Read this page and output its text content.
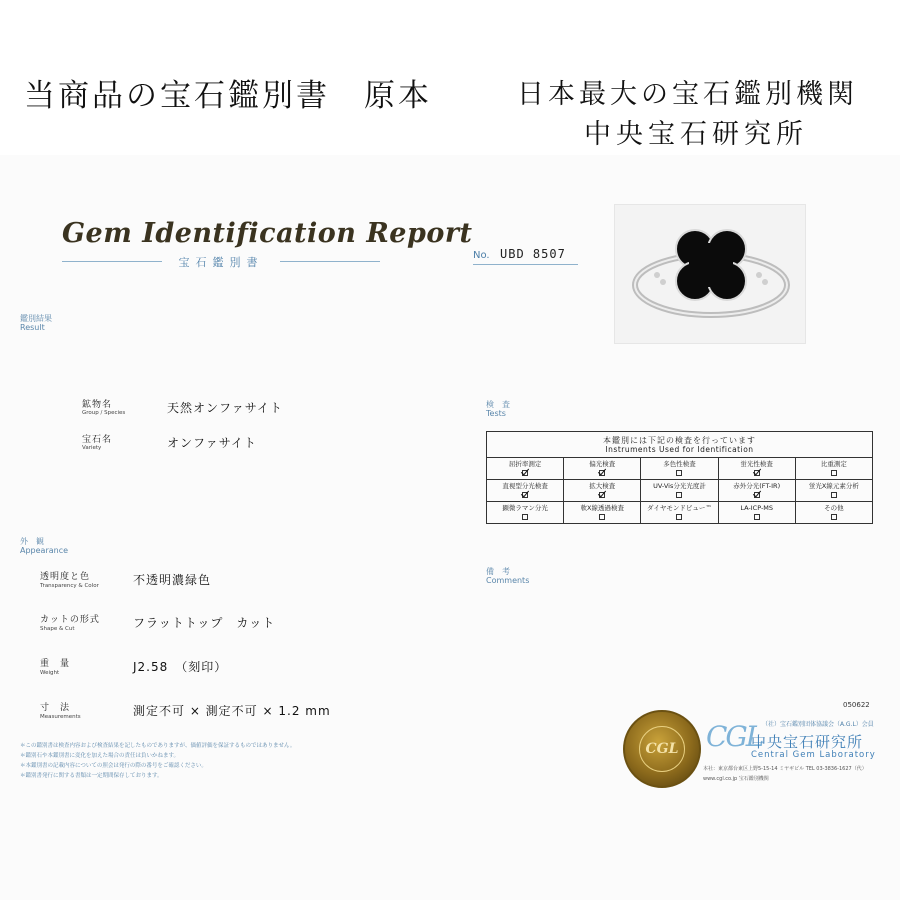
当商品の宝石鑑別書　原本	日本最大の宝石鑑別機関
中央宝石研究所
Gem Identification Report
宝石鑑別書
No. UBD 8507
鑑別結果
Result
鉱物名
Group / Species	天然オンファサイト
宝石名
Variety	オンファサイト
検　査
Tests
本鑑別には下記の検査を行っています
Instruments Used for Identification				

屈折率測定	偏光検査	多色性検査	蛍光性検査	比重測定

直視型分光検査	拡大検査	UV-Vis分光光度計	赤外分光(FT-IR)	蛍光X線元素分析

顕微ラマン分光	軟X線透過検査	ダイヤモンドビュー™	LA-ICP-MS	その他
備　考
Comments
外　観
Appearance
透明度と色
Transparency & Color	不透明濃緑色
カットの形式
Shape & Cut	フラットトップ　カット
重　量
Weight	J2.58　（刻印）
寸　法
Measurements	測定不可 × 測定不可 × 1.2 mm
＊この鑑別書は検査内容および検査結果を記したものでありますが、価値評価を保証するものではありません。
＊鑑別石や本鑑別書に変化を加えた場合の責任は負いかねます。
＊本鑑別書の記載内容についての照会は発行の際の番号をご確認ください。
＊鑑別書発行に関する書類は一定期間保存しております。
050622
CGL CGL （社）宝石鑑別団体協議会（A.G.L）会員
中央宝石研究所
Central Gem Laboratory
本社：東京都台東区上野5-15-14 ミヤギビル TEL 03-3836-1627（代）
www.cgl.co.jp 宝石鑑別機関
